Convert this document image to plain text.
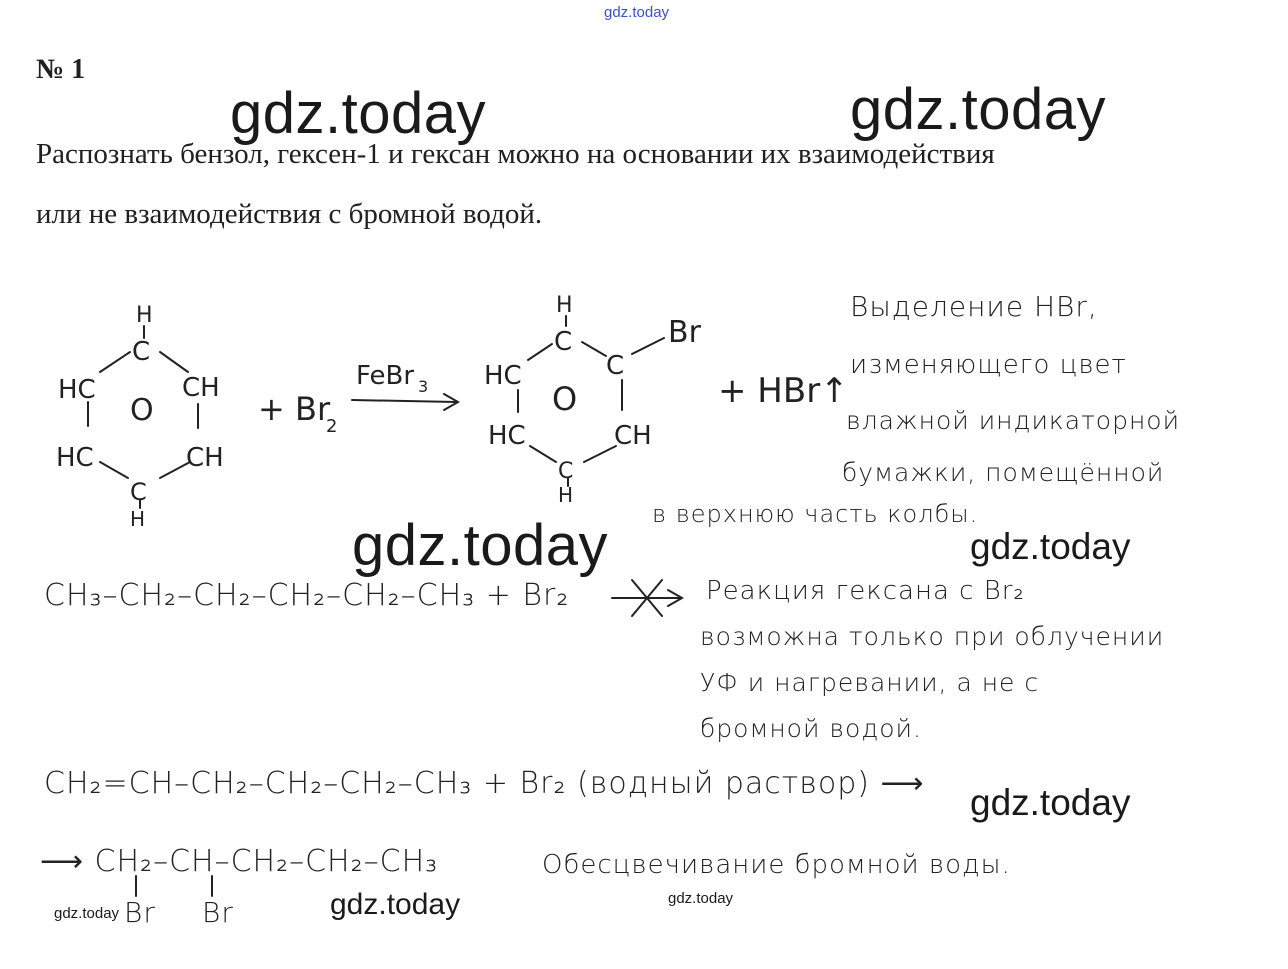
gdz.today
№ 1
gdz.today	gdz.today
Распознать бензол, гексен-1 и гексан можно на основании их взаимодействия
или не взаимодействия с бромной водой.
H
C
HC	CH
HC	CH
C
H
O	+ Br
2
FeBr 3
H
C
C
Br
HC
HC	CH
C
H
O	+ HBr↑
Выделение HBr,
изменяющего цвет
влажной индикаторной
бумажки, помещённой
в верхнюю часть колбы.
gdz.today	gdz.today
CH₃–CH₂–CH₂–CH₂–CH₂–CH₃ + Br₂	Реакция гексана с Br₂
возможна только при облучении
УФ и нагревании, а не с
бромной водой.
CH₂=CH–CH₂–CH₂–CH₂–CH₃ + Br₂ (водный раствор) ⟶ gdz.today
⟶ CH₂–CH–CH₂–CH₂–CH₃
Br Br
Обесцвечивание бромной воды.
gdz.today	gdz.today	gdz.today
